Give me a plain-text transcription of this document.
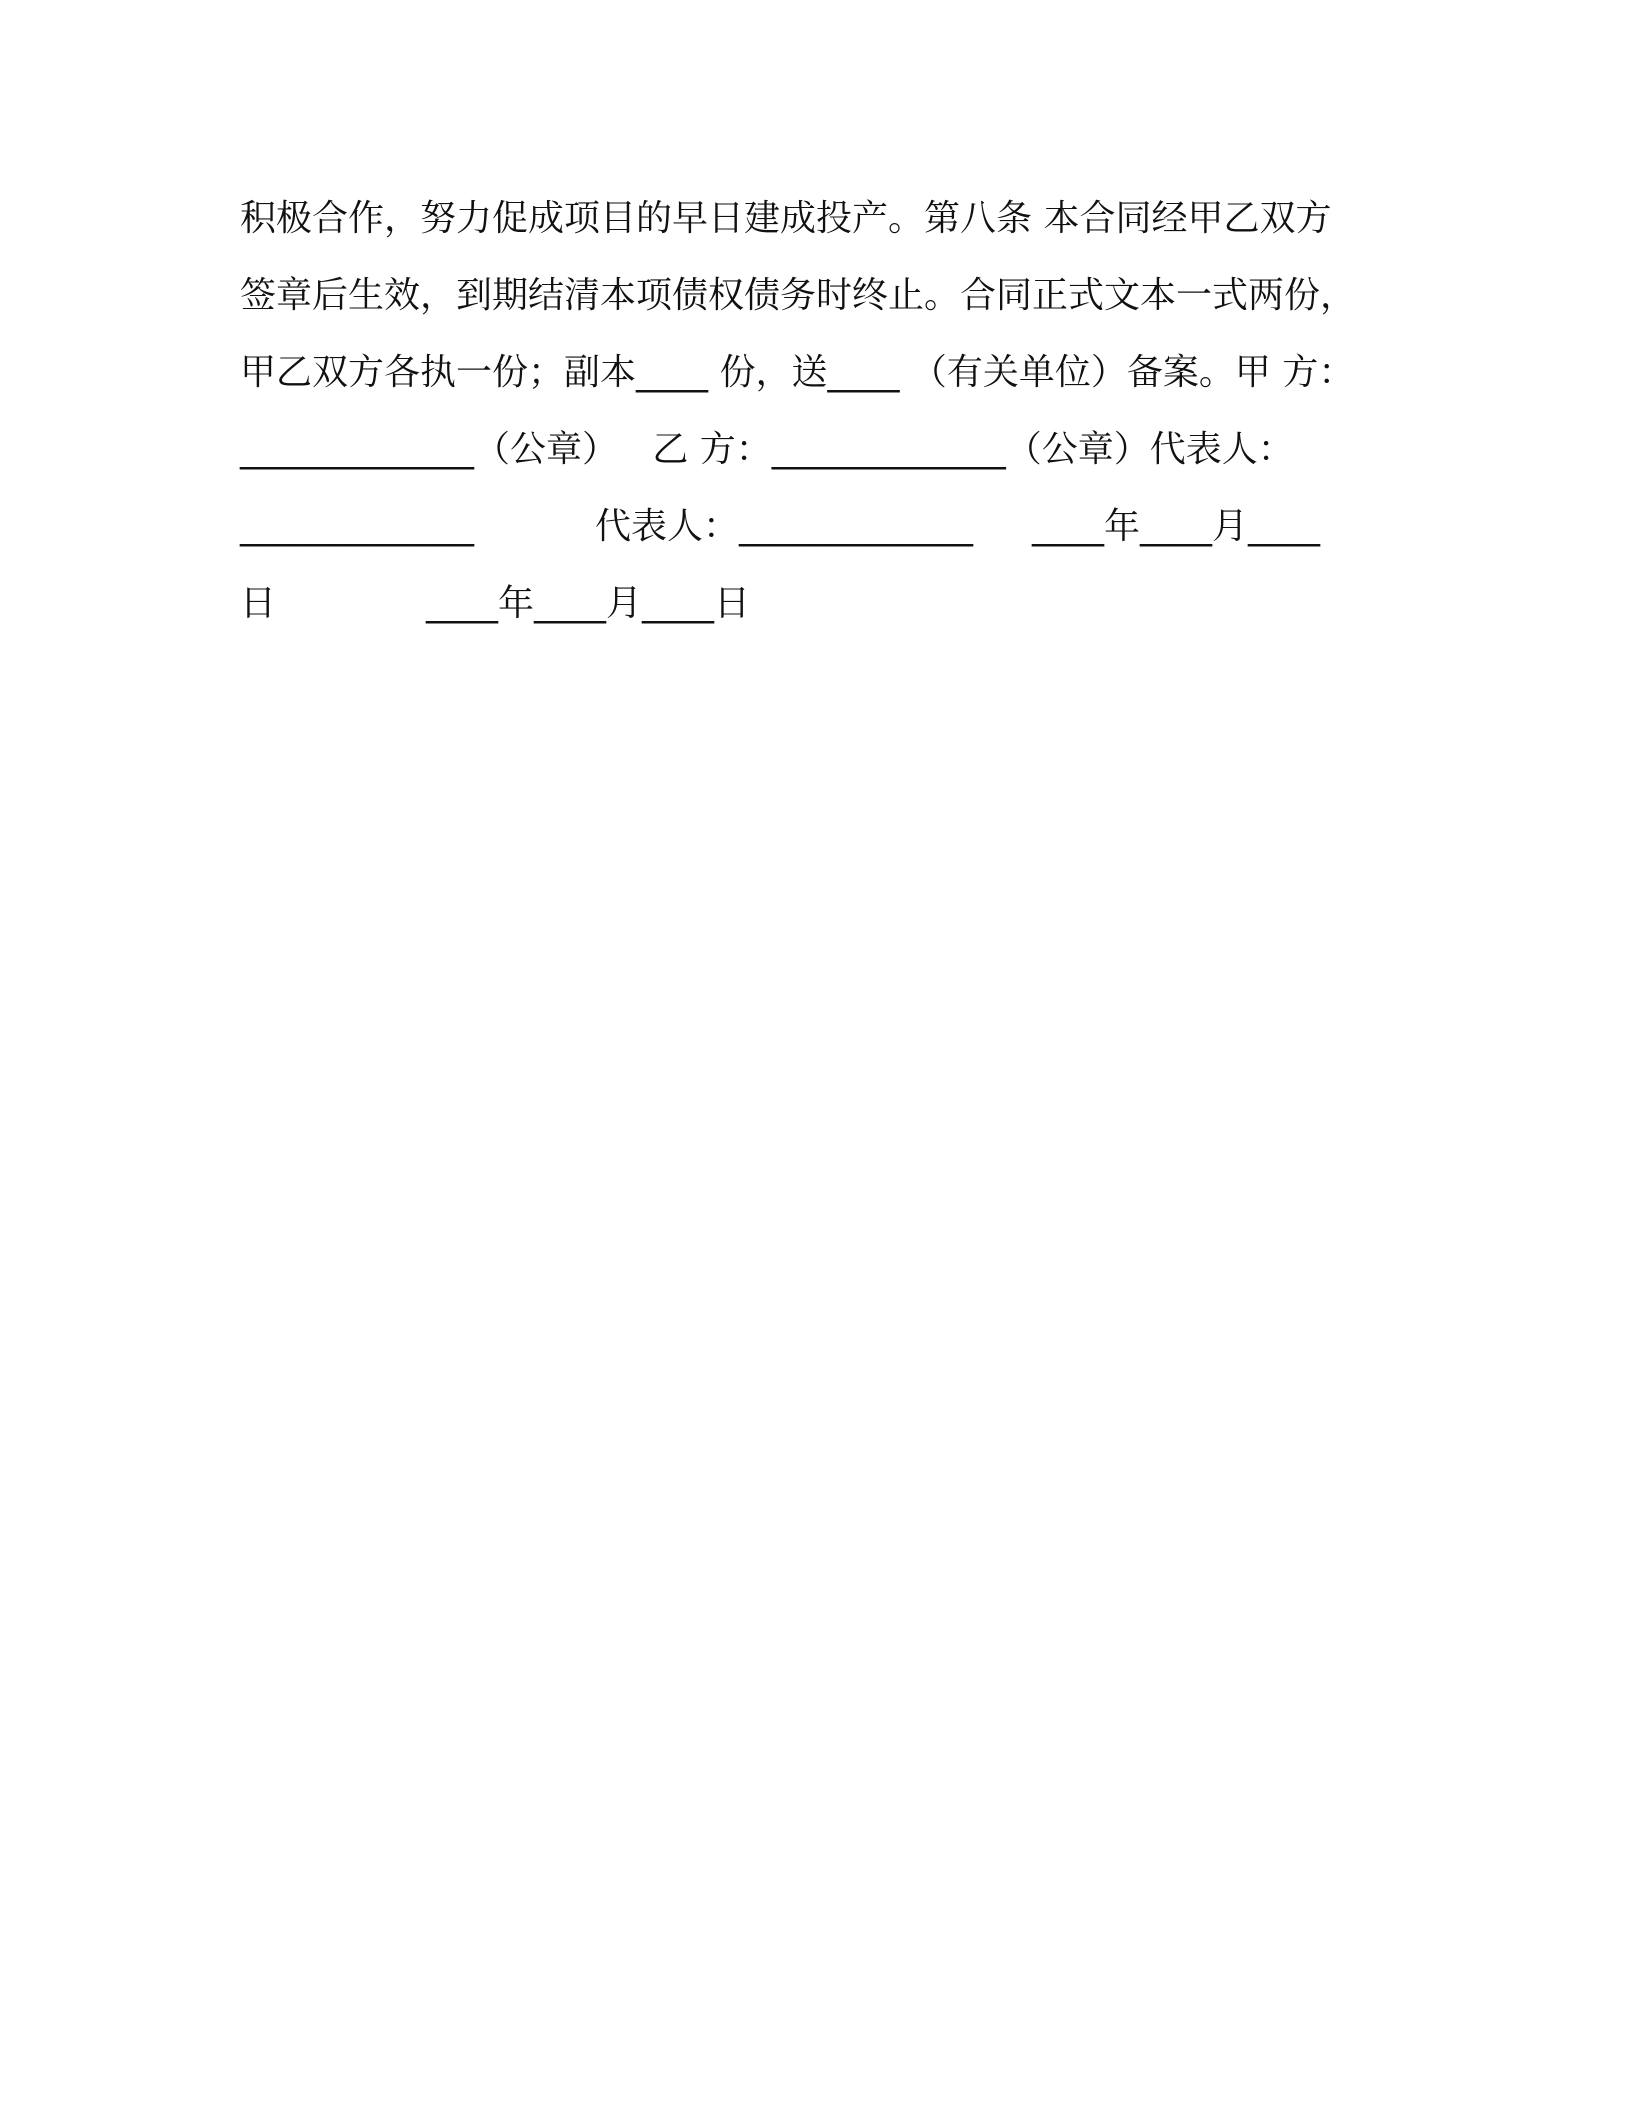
积极合作，努力促成项目的早日建成投产。第八条 本合同经甲乙双方

签章后生效，到期结清本项债权债务时终止。合同正式文本一式两份，

甲乙双方各执一份；副本____ 份，送____ （有关单位）备案。甲 方：

_____________（公章）   乙 方：_____________（公章）代表人：

_____________

	代表人：_____________

____年____月____

日

	____年____月____日
